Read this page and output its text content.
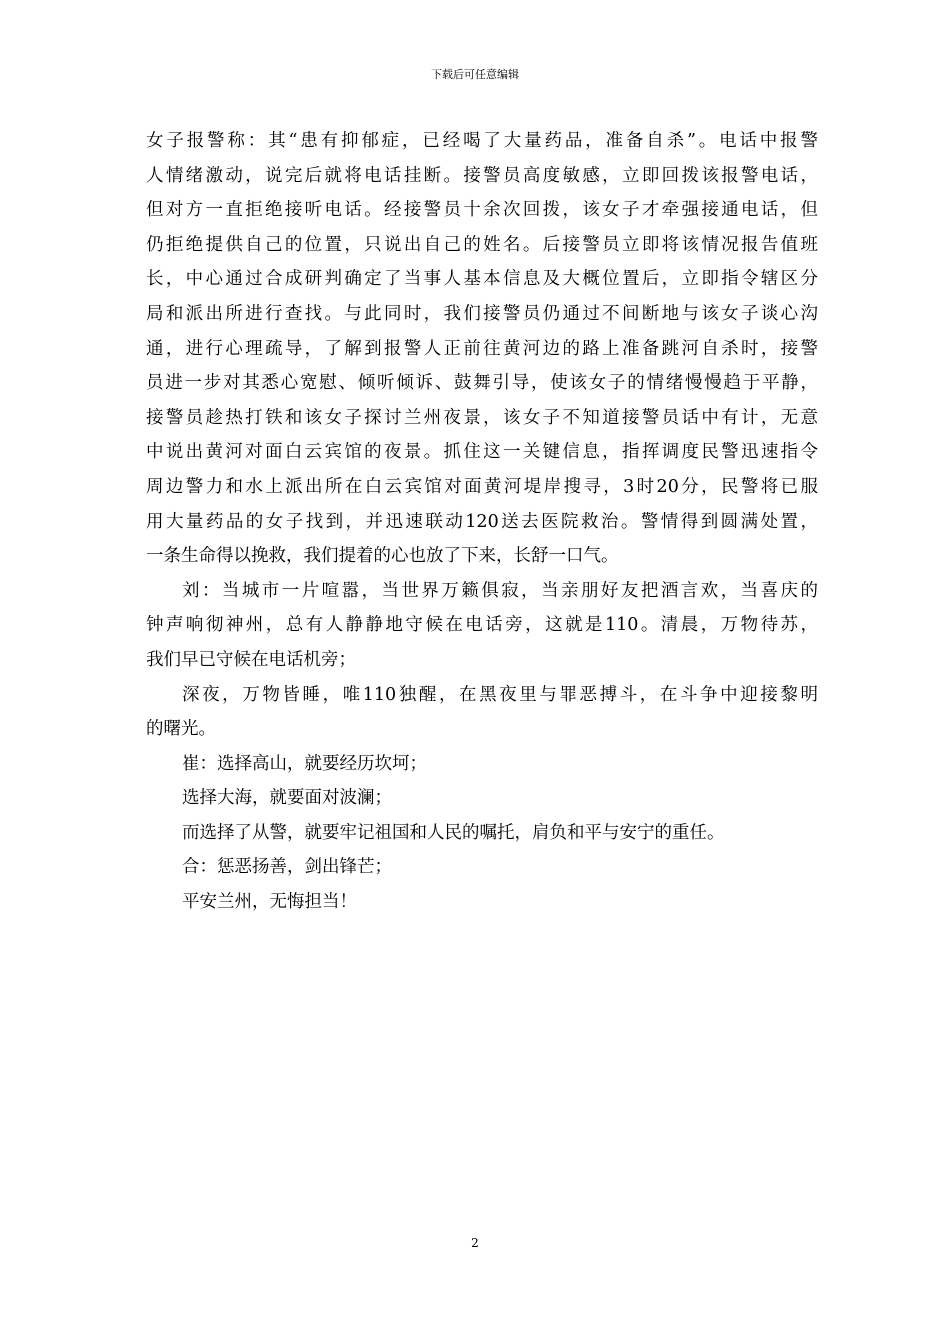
下载后可任意编辑
女子报警称：其“患有抑郁症，已经喝了大量药品，准备自杀”。电话中报警
人情绪激动，说完后就将电话挂断。接警员高度敏感，立即回拨该报警电话，
但对方一直拒绝接听电话。经接警员十余次回拨，该女子才牵强接通电话，但
仍拒绝提供自己的位置，只说出自己的姓名。后接警员立即将该情况报告值班
长，中心通过合成研判确定了当事人基本信息及大概位置后，立即指令辖区分
局和派出所进行查找。与此同时，我们接警员仍通过不间断地与该女子谈心沟
通，进行心理疏导，了解到报警人正前往黄河边的路上准备跳河自杀时，接警
员进一步对其悉心宽慰、倾听倾诉、鼓舞引导，使该女子的情绪慢慢趋于平静，
接警员趁热打铁和该女子探讨兰州夜景，该女子不知道接警员话中有计，无意
中说出黄河对面白云宾馆的夜景。抓住这一关键信息，指挥调度民警迅速指令
周边警力和水上派出所在白云宾馆对面黄河堤岸搜寻，3时20分，民警将已服
用大量药品的女子找到，并迅速联动120送去医院救治。警情得到圆满处置，
一条生命得以挽救，我们提着的心也放了下来，长舒一口气。
刘：当城市一片喧嚣，当世界万籁俱寂，当亲朋好友把酒言欢，当喜庆的
钟声响彻神州，总有人静静地守候在电话旁，这就是110。清晨，万物待苏，
我们早已守候在电话机旁；
深夜，万物皆睡，唯110独醒，在黑夜里与罪恶搏斗，在斗争中迎接黎明
的曙光。
崔：选择高山，就要经历坎坷；
选择大海，就要面对波澜；
而选择了从警，就要牢记祖国和人民的嘱托，肩负和平与安宁的重任。
合：惩恶扬善，剑出锋芒；
平安兰州，无悔担当！
2
